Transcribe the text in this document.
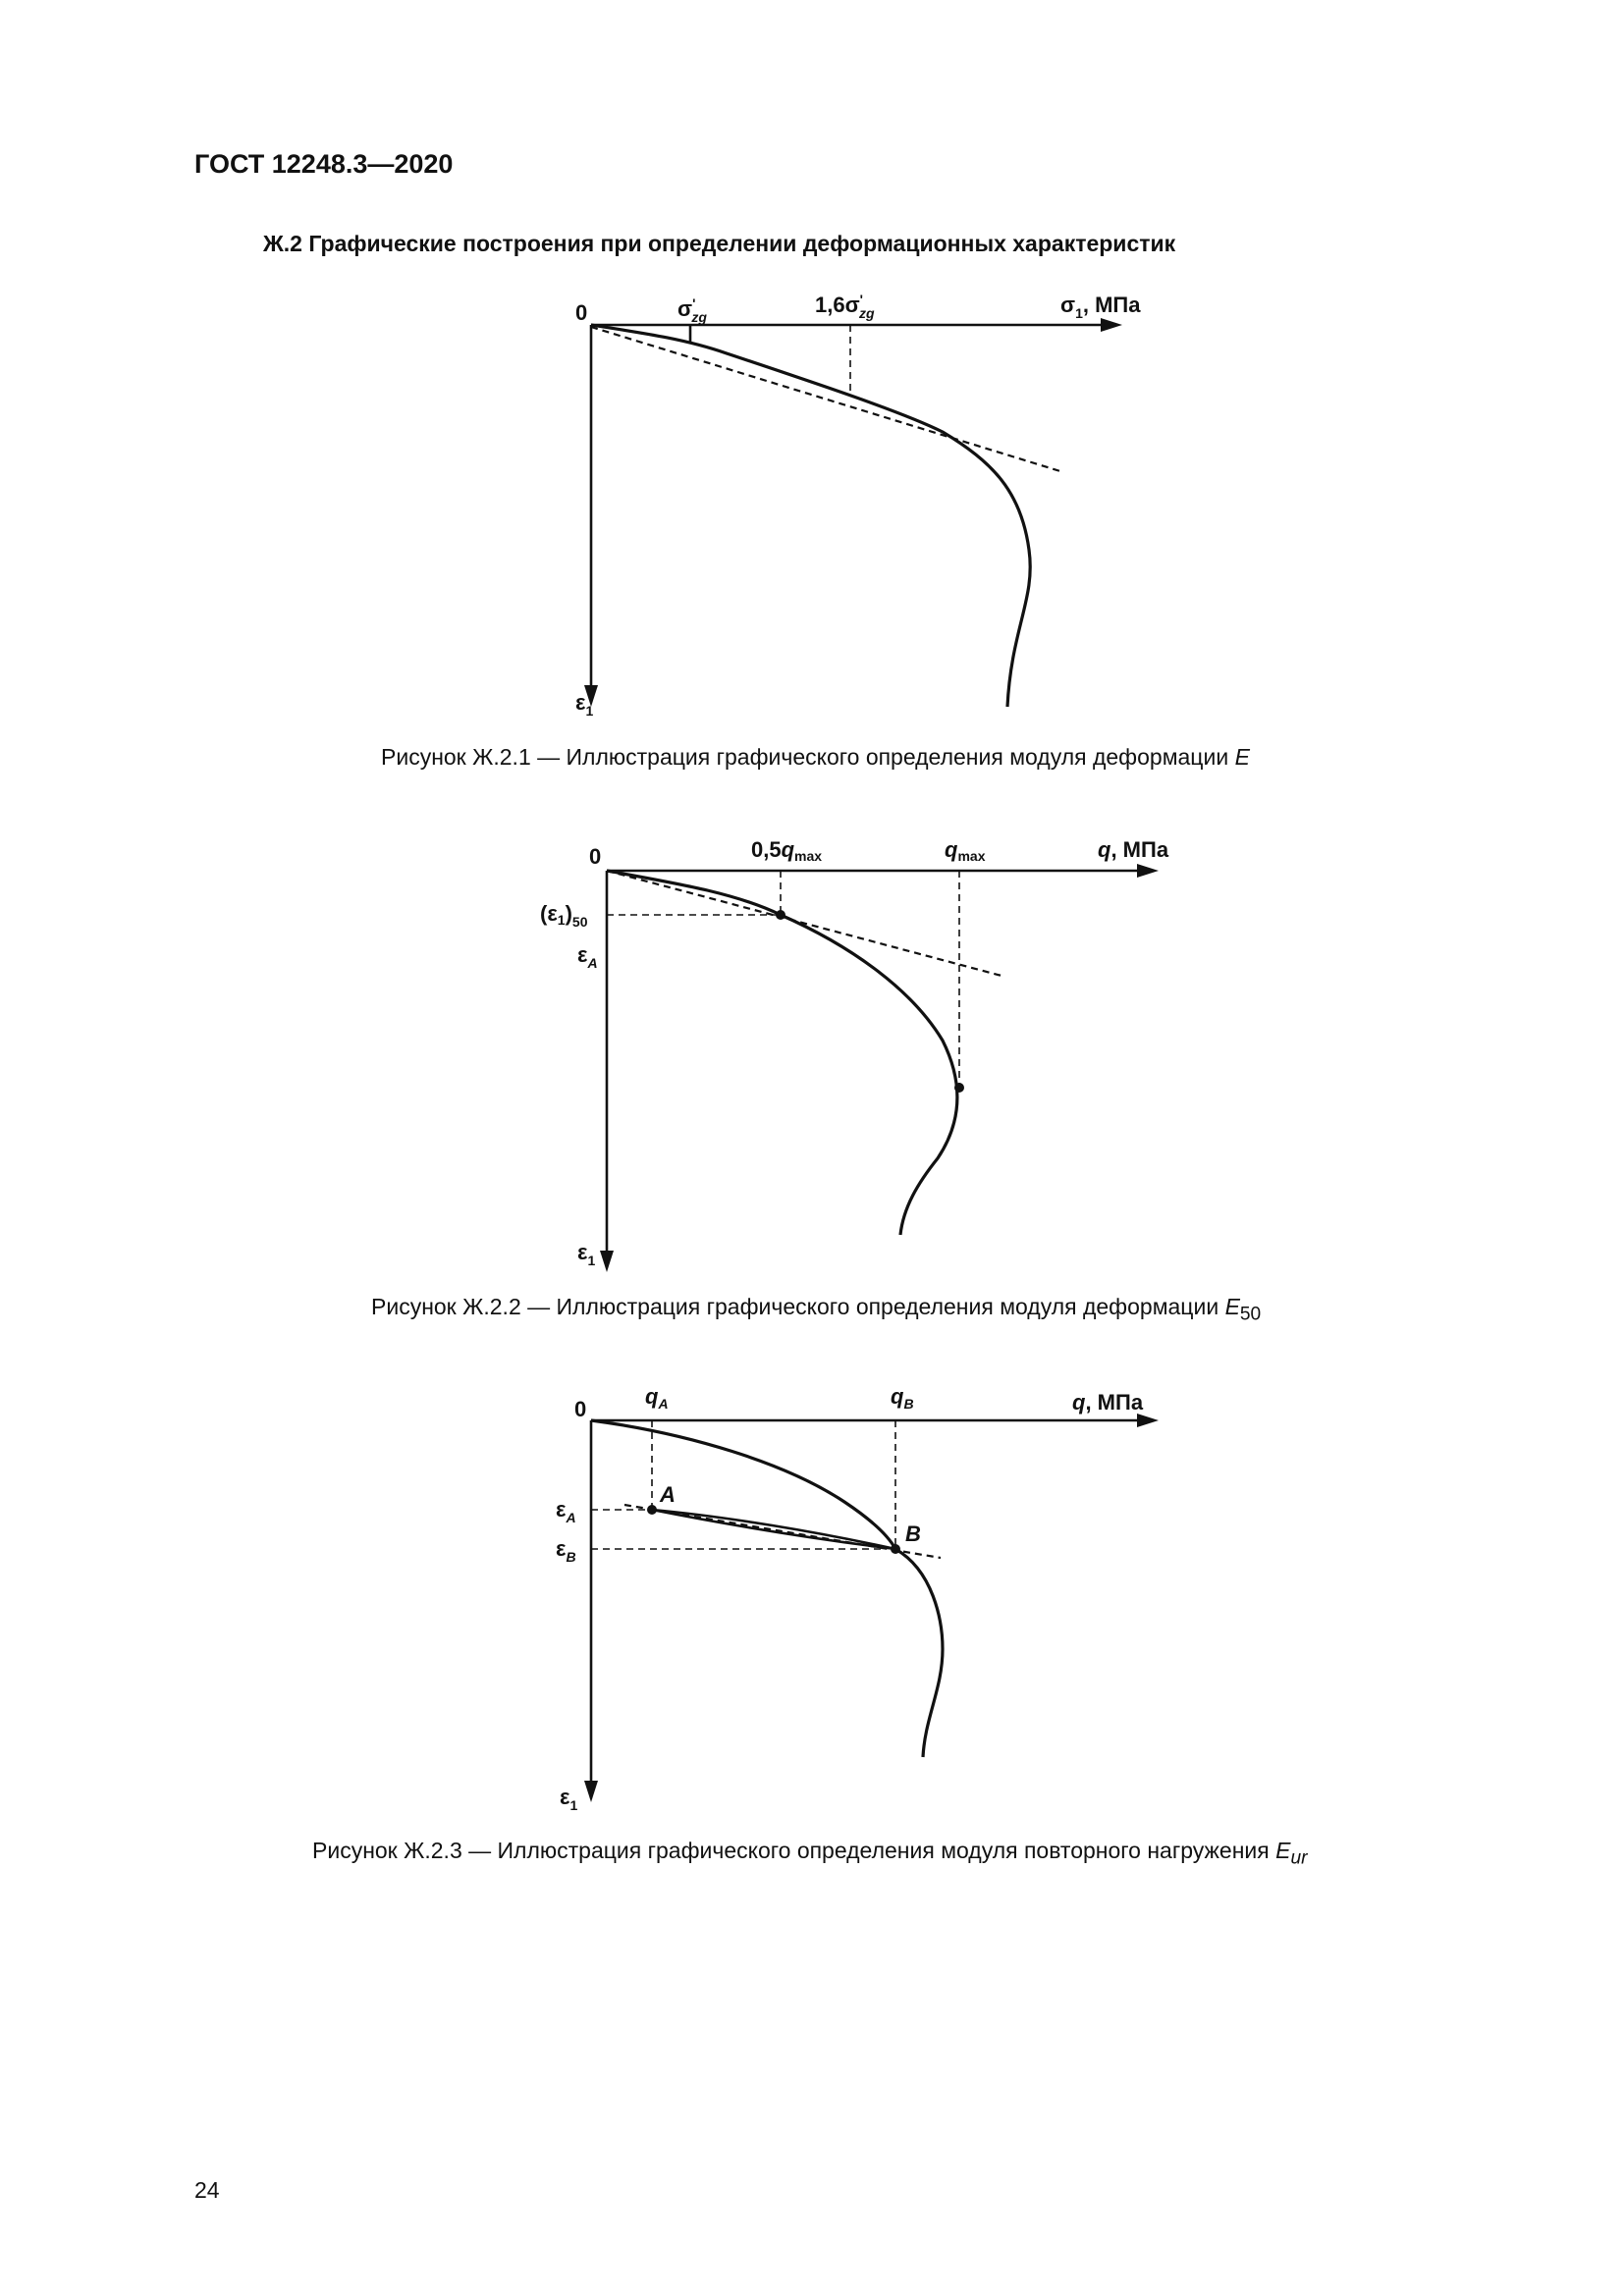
ГОСТ 12248.3—2020
Ж.2 Графические построения при определении деформационных характеристик
0	σ' zg	1,6σ' zg	$\sigma_1$, МПа
$\varepsilon_1$
Рисунок Ж.2.1 — Иллюстрация графического определения модуля деформации E
0	0,5qmax	qmax	q, МПа
$(\varepsilon 1)_{50}$
$\varepsilon_A$
$\varepsilon_1$
Рисунок Ж.2.2 — Иллюстрация графического определения модуля деформации $E_{50}$
0
$q_A$	$q_B$	q, МПа
$\varepsilon_A$
$\varepsilon_B$
A
B
$\varepsilon_1$
Рисунок Ж.2.3 — Иллюстрация графического определения модуля повторного нагружения $E_{ur}$
24
